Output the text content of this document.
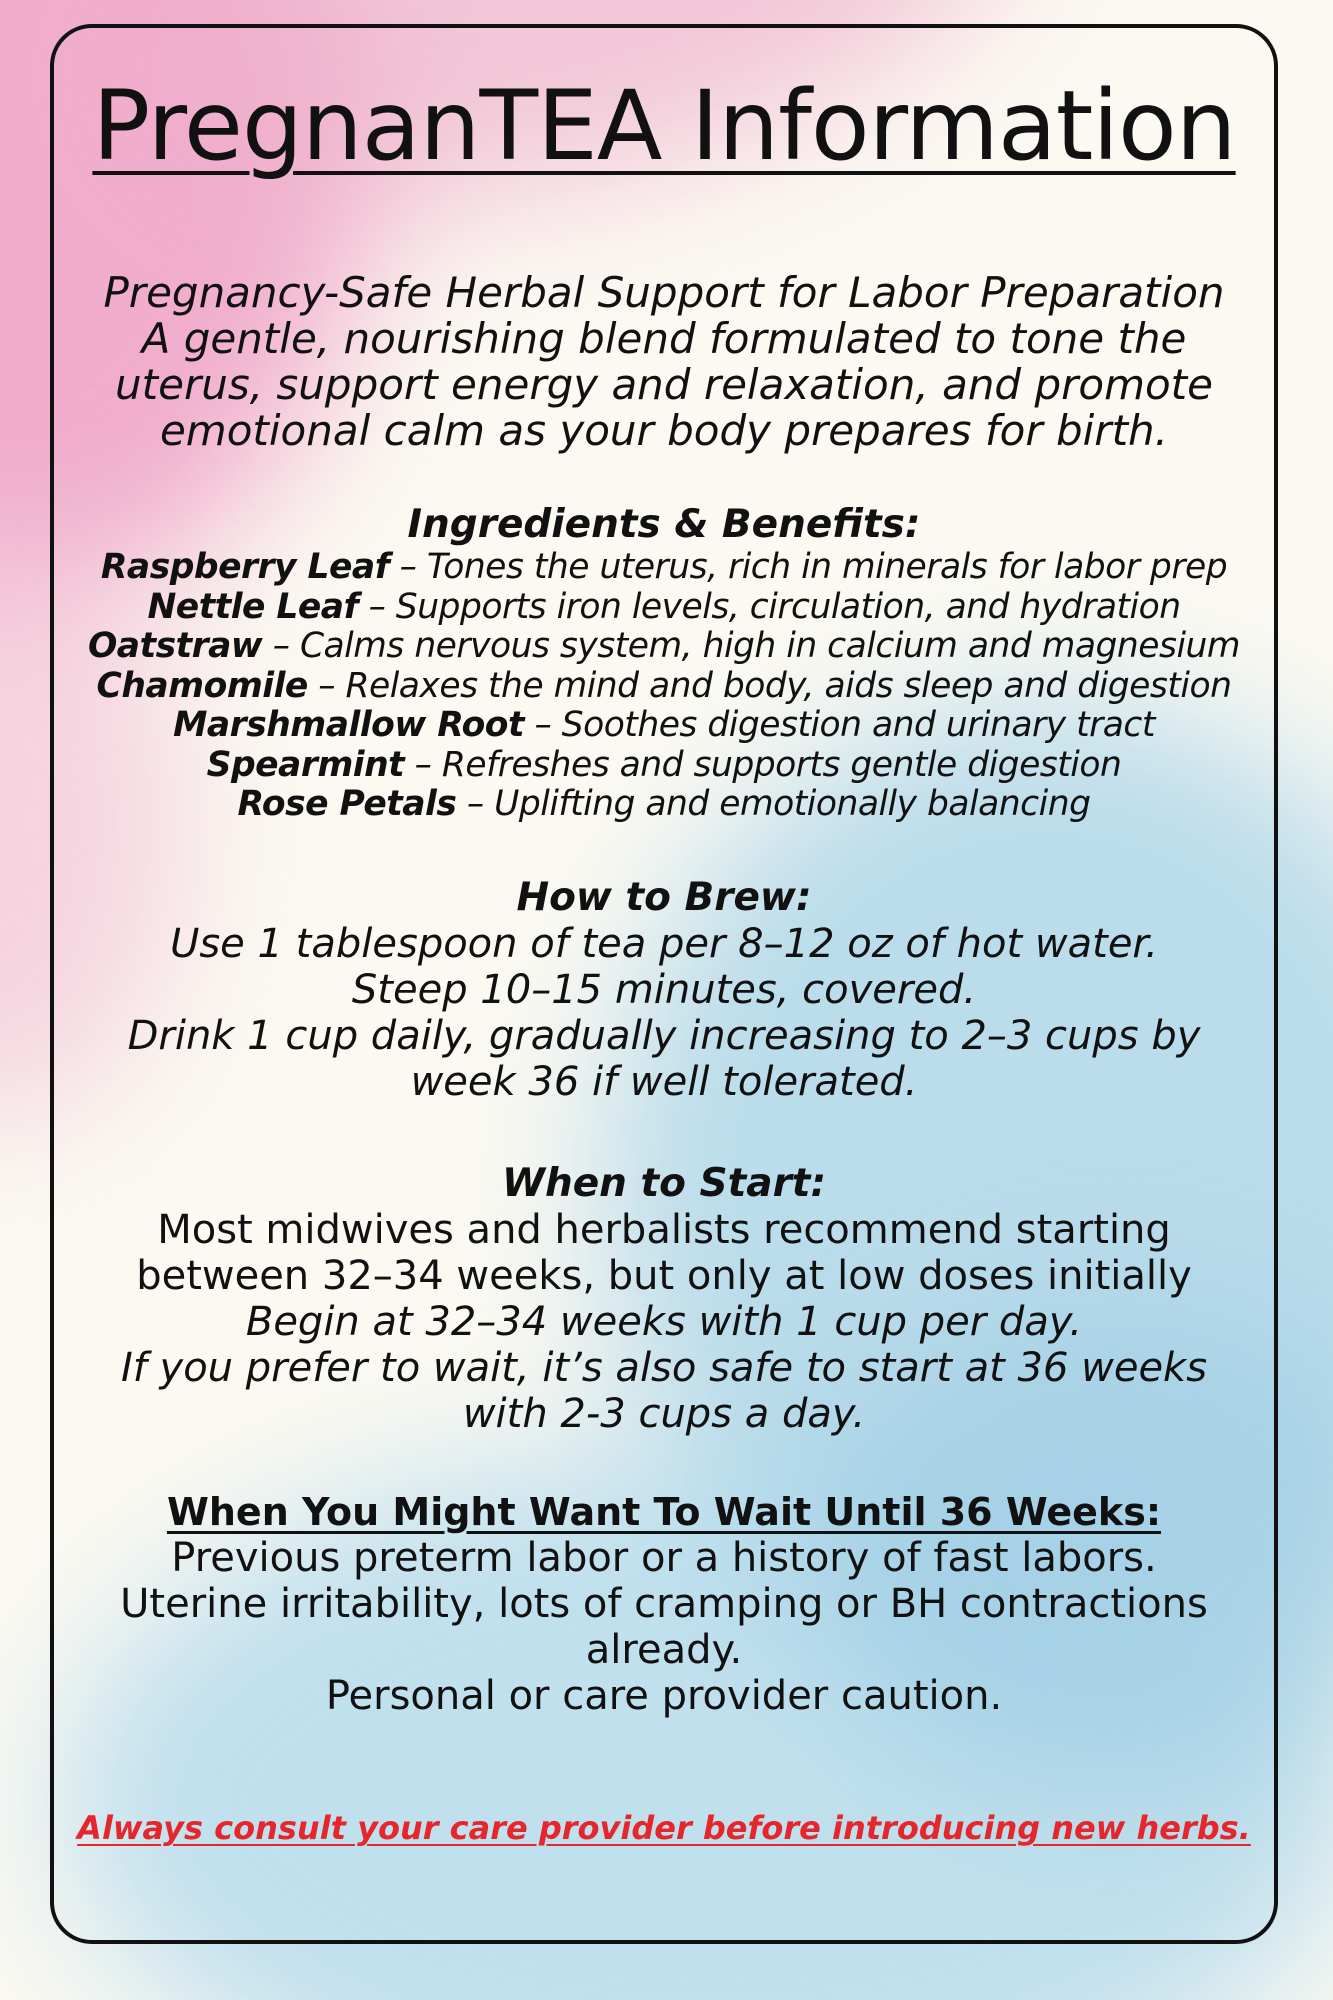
PregnanTEA Information

Pregnancy-Safe Herbal Support for Labor Preparation

A gentle, nourishing blend formulated to tone the uterus, support energy and relaxation, and promote emotional calm as your body prepares for birth.

Ingredients & Benefits:
Raspberry Leaf – Tones the uterus, rich in minerals for labor prep
Nettle Leaf – Supports iron levels, circulation, and hydration
Oatstraw – Calms nervous system, high in calcium and magnesium
Chamomile – Relaxes the mind and body, aids sleep and digestion
Marshmallow Root – Soothes digestion and urinary tract
Spearmint – Refreshes and supports gentle digestion
Rose Petals – Uplifting and emotionally balancing
How to Brew:

Use 1 tablespoon of tea per 8–12 oz of hot water.

Steep 10–15 minutes, covered.

Drink 1 cup daily, gradually increasing to 2–3 cups by week 36 if well tolerated.

When to Start:

Most midwives and herbalists recommend starting between 32–34 weeks, but only at low doses initially

Begin at 32–34 weeks with 1 cup per day.

If you prefer to wait, it’s also safe to start at 36 weeks with 2-3 cups a day.

When You Might Want To Wait Until 36 Weeks:

Previous preterm labor or a history of fast labors.

Uterine irritability, lots of cramping or BH contractions already.

Personal or care provider caution.

Always consult your care provider before introducing new herbs.
